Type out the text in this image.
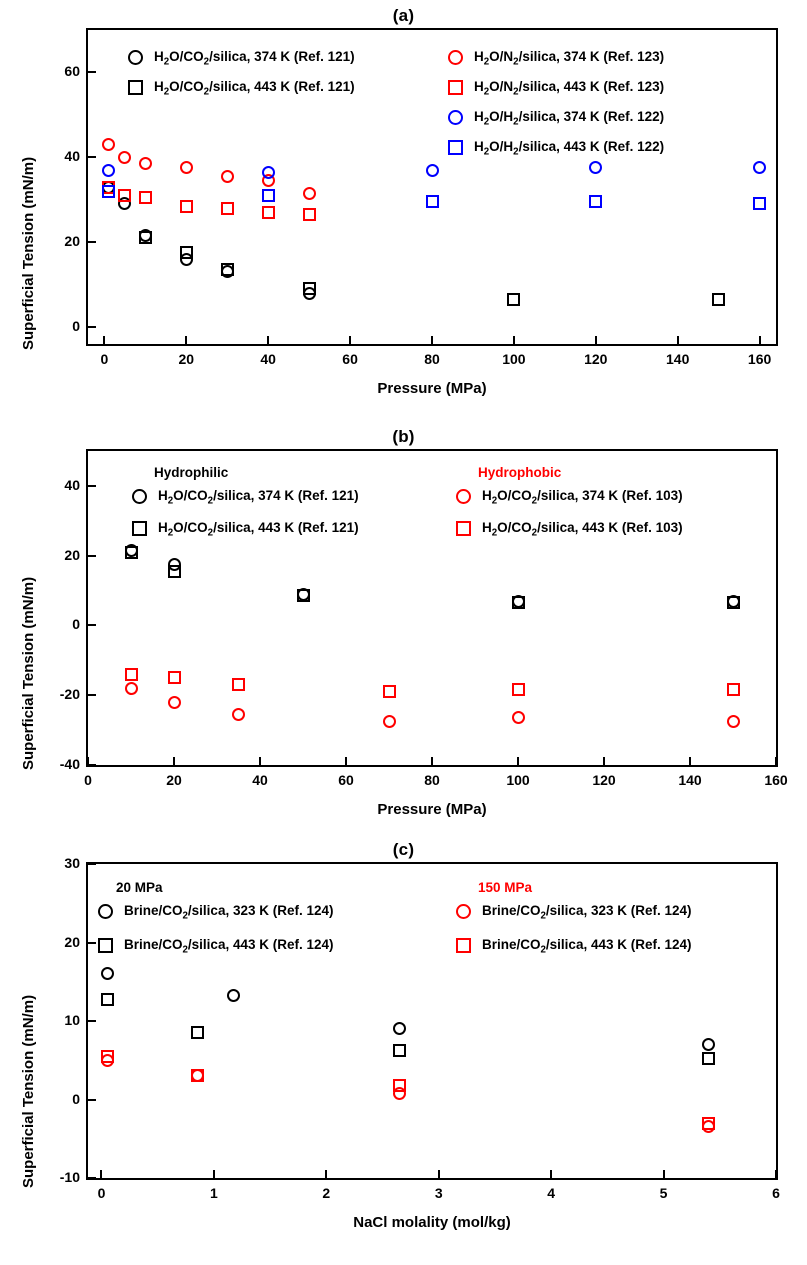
(a)
Superficial Tension (mN/m)
0	20	40	60	80	100	120	140	160
0
20
40
60
$H_2O/CO_2$/silica, 374 K (Ref. 121)
$H_2O/CO_2$/silica, 443 K (Ref. 121)
$H_2O/N_2$/silica, 374 K (Ref. 123)
$H_2O/N_2$/silica, 443 K (Ref. 123)
$H_2O/H_2$/silica, 374 K (Ref. 122)
$H_2O/H_2$/silica, 443 K (Ref. 122)
Pressure (MPa)
(b)
Superficial Tension (mN/m)
0	20	40	60	80	100	120	140	160
-40
-20
0
20
40
Hydrophilic	Hydrophobic
$H_2O/CO_2$/silica, 374 K (Ref. 121)
$H_2O/CO_2$/silica, 443 K (Ref. 121)
$H_2O/CO_2$/silica, 374 K (Ref. 103)
$H_2O/CO_2$/silica, 443 K (Ref. 103)
Pressure (MPa)
(c)
Superficial Tension (mN/m)
0	1	2	3	4	5	6
-10
0
10
20
30
20 MPa	150 MPa
Brine/$CO_2$/silica, 323 K (Ref. 124)
Brine/$CO_2$/silica, 443 K (Ref. 124)
Brine/$CO_2$/silica, 323 K (Ref. 124)
Brine/$CO_2$/silica, 443 K (Ref. 124)
NaCl molality (mol/kg)
